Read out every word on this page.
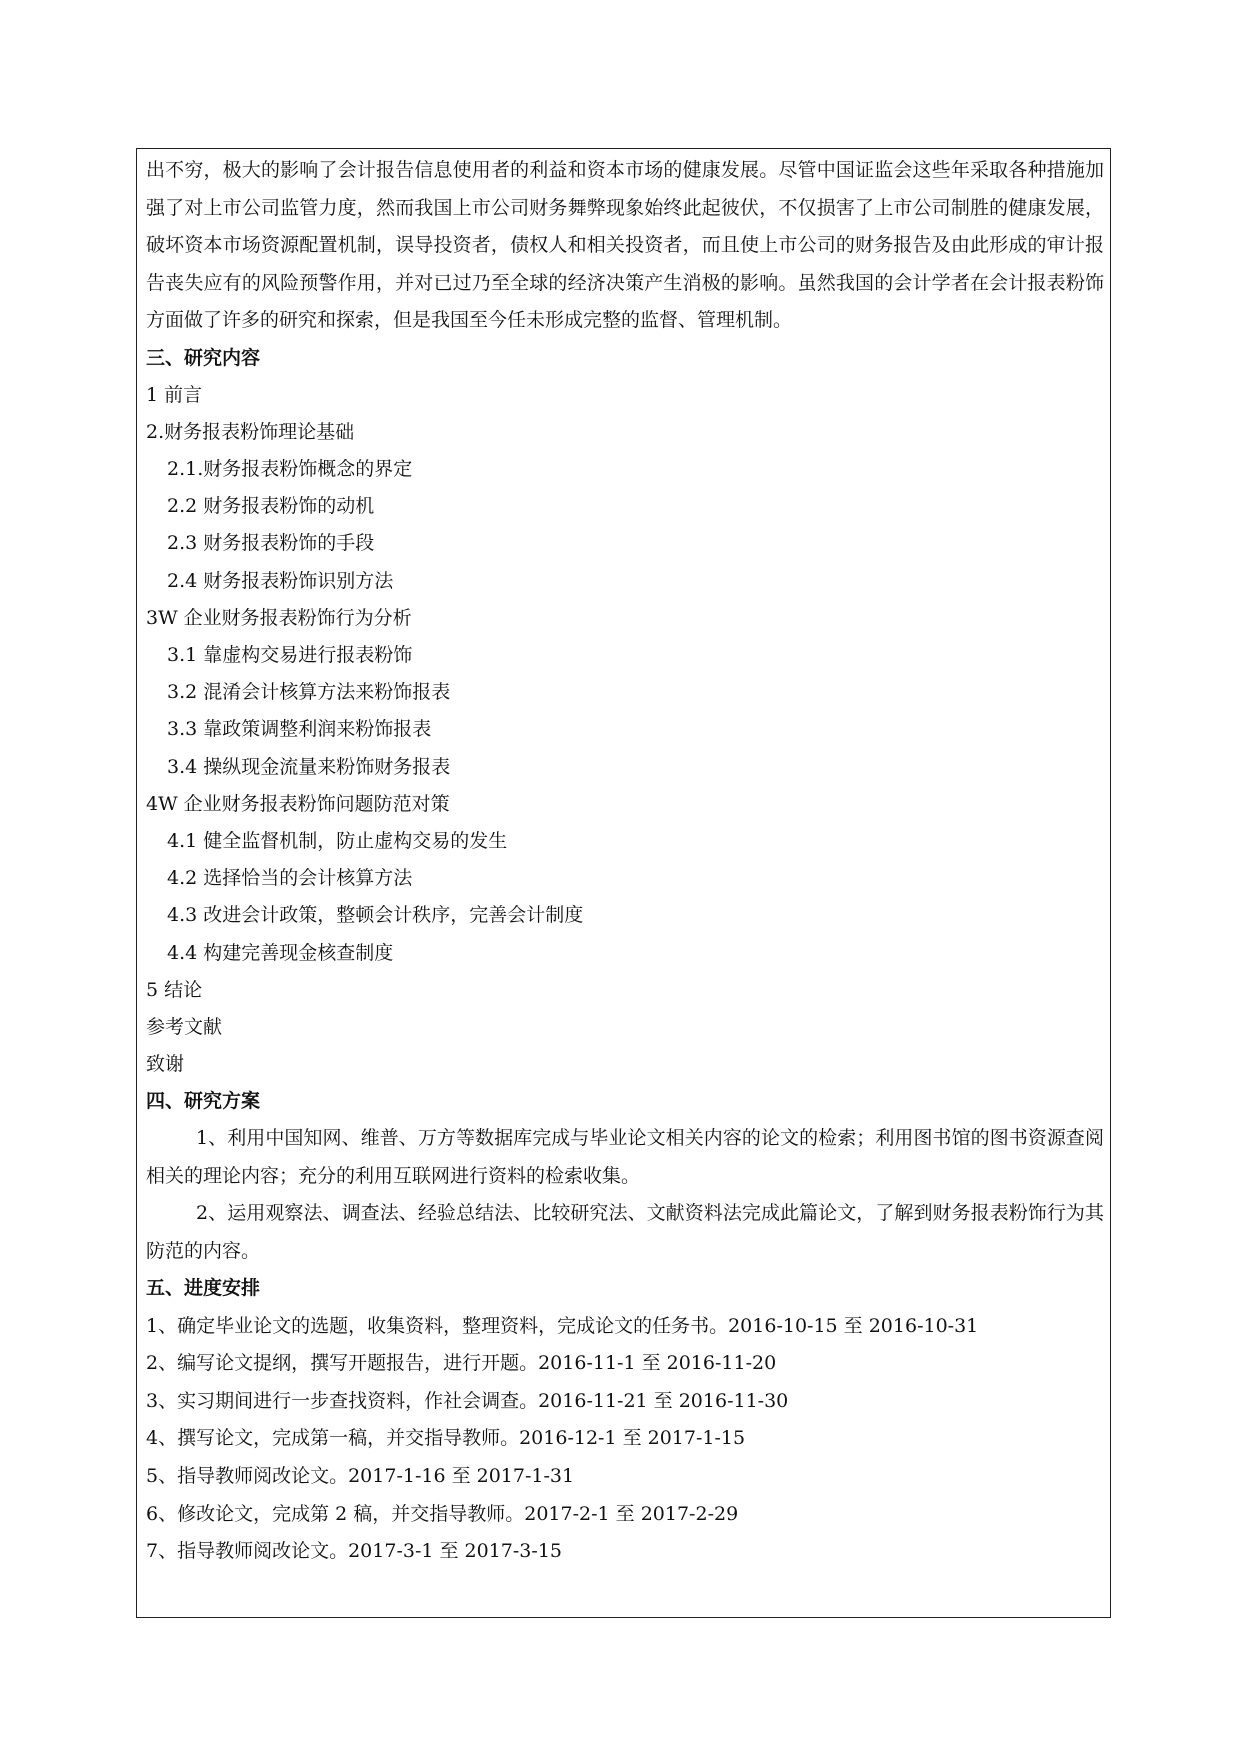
出不穷，极大的影响了会计报告信息使用者的利益和资本市场的健康发展。尽管中国证监会这些年采取各种措施加强了对上市公司监管力度，然而我国上市公司财务舞弊现象始终此起彼伏，不仅损害了上市公司制胜的健康发展，破坏资本市场资源配置机制，误导投资者，债权人和相关投资者，而且使上市公司的财务报告及由此形成的审计报告丧失应有的风险预警作用，并对已过乃至全球的经济决策产生消极的影响。虽然我国的会计学者在会计报表粉饰方面做了许多的研究和探索，但是我国至今任未形成完整的监督、管理机制。

三、研究内容

1 前言

2.财务报表粉饰理论基础

2.1.财务报表粉饰概念的界定

2.2 财务报表粉饰的动机

2.3 财务报表粉饰的手段

2.4 财务报表粉饰识别方法

3W 企业财务报表粉饰行为分析

3.1 靠虚构交易进行报表粉饰

3.2 混淆会计核算方法来粉饰报表

3.3 靠政策调整利润来粉饰报表

3.4 操纵现金流量来粉饰财务报表

4W 企业财务报表粉饰问题防范对策

4.1 健全监督机制，防止虚构交易的发生

4.2 选择恰当的会计核算方法

4.3 改进会计政策，整顿会计秩序，完善会计制度

4.4 构建完善现金核查制度

5 结论

参考文献

致谢

四、研究方案

1、利用中国知网、维普、万方等数据库完成与毕业论文相关内容的论文的检索；利用图书馆的图书资源查阅相关的理论内容；充分的利用互联网进行资料的检索收集。

2、运用观察法、调查法、经验总结法、比较研究法、文献资料法完成此篇论文，了解到财务报表粉饰行为其防范的内容。

五、进度安排

1、确定毕业论文的选题，收集资料，整理资料，完成论文的任务书。2016-10-15 至 2016-10-31

2、编写论文提纲，撰写开题报告，进行开题。2016-11-1 至 2016-11-20

3、实习期间进行一步查找资料，作社会调查。2016-11-21 至 2016-11-30

4、撰写论文，完成第一稿，并交指导教师。2016-12-1 至 2017-1-15

5、指导教师阅改论文。2017-1-16 至 2017-1-31

6、修改论文，完成第 2 稿，并交指导教师。2017-2-1 至 2017-2-29

7、指导教师阅改论文。2017-3-1 至 2017-3-15
